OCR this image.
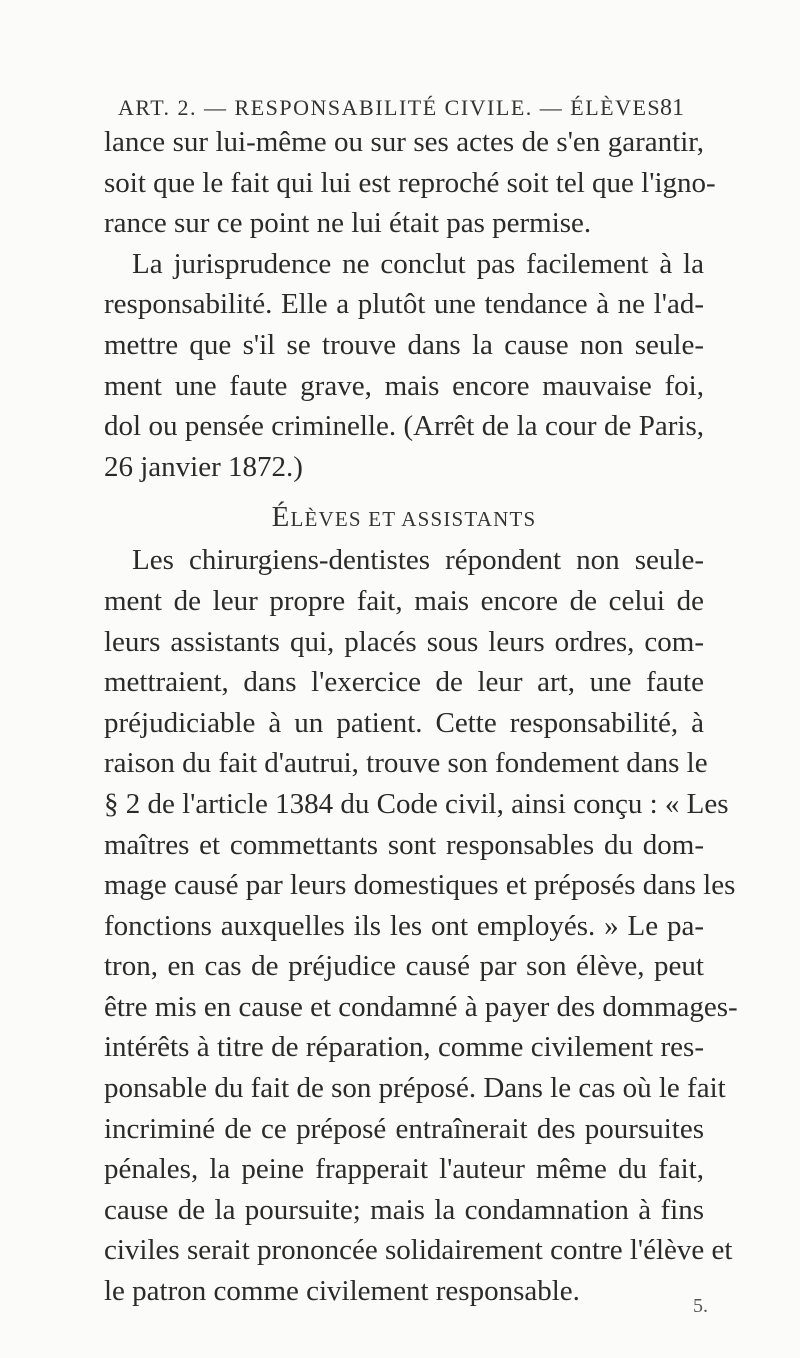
ART. 2. — RESPONSABILITÉ CIVILE. — ÉLÈVES
81
lance sur lui-même ou sur ses actes de s'en garantir,
soit que le fait qui lui est reproché soit tel que l'igno-
rance sur ce point ne lui était pas permise.
La jurisprudence ne conclut pas facilement à la
responsabilité. Elle a plutôt une tendance à ne l'ad-
mettre que s'il se trouve dans la cause non seule-
ment une faute grave, mais encore mauvaise foi,
dol ou pensée criminelle. (Arrêt de la cour de Paris,
26 janvier 1872.)
ÉLÈVES ET ASSISTANTS
Les chirurgiens-dentistes répondent non seule-
ment de leur propre fait, mais encore de celui de
leurs assistants qui, placés sous leurs ordres, com-
mettraient, dans l'exercice de leur art, une faute
préjudiciable à un patient. Cette responsabilité, à
raison du fait d'autrui, trouve son fondement dans le
§ 2 de l'article 1384 du Code civil, ainsi conçu : « Les
maîtres et commettants sont responsables du dom-
mage causé par leurs domestiques et préposés dans les
fonctions auxquelles ils les ont employés. » Le pa-
tron, en cas de préjudice causé par son élève, peut
être mis en cause et condamné à payer des dommages-
intérêts à titre de réparation, comme civilement res-
ponsable du fait de son préposé. Dans le cas où le fait
incriminé de ce préposé entraînerait des poursuites
pénales, la peine frapperait l'auteur même du fait,
cause de la poursuite; mais la condamnation à fins
civiles serait prononcée solidairement contre l'élève et
le patron comme civilement responsable.	5.
